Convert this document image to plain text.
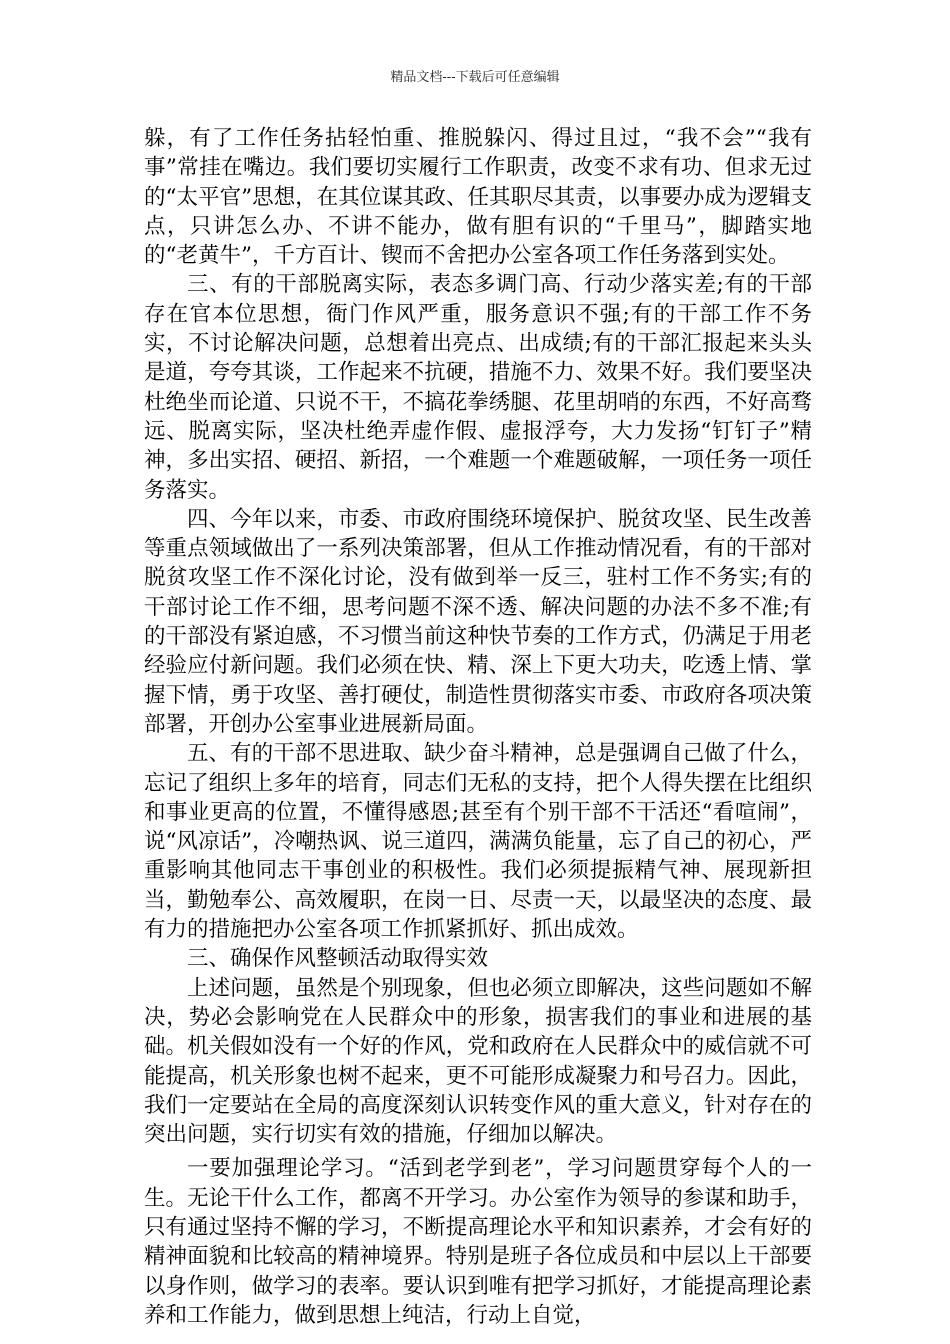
精品文档---下载后可任意编辑

躲，有了工作任务拈轻怕重、推脱躲闪、得过且过，“我不会”“我有事”常挂在嘴边。我们要切实履行工作职责，改变不求有功、但求无过的“太平官”思想，在其位谋其政、任其职尽其责，以事要办成为逻辑支点，只讲怎么办、不讲不能办，做有胆有识的“千里马”，脚踏实地的“老黄牛”，千方百计、锲而不舍把办公室各项工作任务落到实处。

三、有的干部脱离实际，表态多调门高、行动少落实差;有的干部存在官本位思想，衙门作风严重，服务意识不强;有的干部工作不务实，不讨论解决问题，总想着出亮点、出成绩;有的干部汇报起来头头是道，夸夸其谈，工作起来不抗硬，措施不力、效果不好。我们要坚决杜绝坐而论道、只说不干，不搞花拳绣腿、花里胡哨的东西，不好高骛远、脱离实际，坚决杜绝弄虚作假、虚报浮夸，大力发扬“钉钉子”精神，多出实招、硬招、新招，一个难题一个难题破解，一项任务一项任务落实。

四、今年以来，市委、市政府围绕环境保护、脱贫攻坚、民生改善等重点领域做出了一系列决策部署，但从工作推动情况看，有的干部对脱贫攻坚工作不深化讨论，没有做到举一反三，驻村工作不务实;有的干部讨论工作不细，思考问题不深不透、解决问题的办法不多不准;有的干部没有紧迫感，不习惯当前这种快节奏的工作方式，仍满足于用老经验应付新问题。我们必须在快、精、深上下更大功夫，吃透上情、掌握下情，勇于攻坚、善打硬仗，制造性贯彻落实市委、市政府各项决策部署，开创办公室事业进展新局面。

五、有的干部不思进取、缺少奋斗精神，总是强调自己做了什么，忘记了组织上多年的培育，同志们无私的支持，把个人得失摆在比组织和事业更高的位置，不懂得感恩;甚至有个别干部不干活还“看喧闹”，说“风凉话”，冷嘲热讽、说三道四，满满负能量，忘了自己的初心，严重影响其他同志干事创业的积极性。我们必须提振精气神、展现新担当，勤勉奉公、高效履职，在岗一日、尽责一天，以最坚决的态度、最有力的措施把办公室各项工作抓紧抓好、抓出成效。

三、确保作风整顿活动取得实效

上述问题，虽然是个别现象，但也必须立即解决，这些问题如不解决，势必会影响党在人民群众中的形象，损害我们的事业和进展的基础。机关假如没有一个好的作风，党和政府在人民群众中的威信就不可能提高，机关形象也树不起来，更不可能形成凝聚力和号召力。因此，我们一定要站在全局的高度深刻认识转变作风的重大意义，针对存在的突出问题，实行切实有效的措施，仔细加以解决。

一要加强理论学习。“活到老学到老”，学习问题贯穿每个人的一生。无论干什么工作，都离不开学习。办公室作为领导的参谋和助手，只有通过坚持不懈的学习，不断提高理论水平和知识素养，才会有好的精神面貌和比较高的精神境界。特别是班子各位成员和中层以上干部要以身作则，做学习的表率。要认识到唯有把学习抓好，才能提高理论素养和工作能力，做到思想上纯洁，行动上自觉，
